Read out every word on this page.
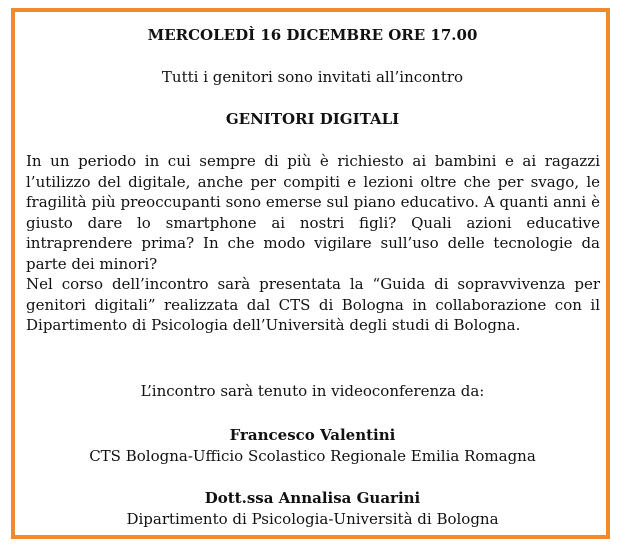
MERCOLEDÌ 16 DICEMBRE ORE 17.00
Tutti i genitori sono invitati all’incontro
GENITORI DIGITALI

In un periodo in cui sempre di più è richiesto ai bambini e ai ragazzi l’utilizzo del digitale, anche per compiti e lezioni oltre che per svago, le fragilità più preoccupanti sono emerse sul piano educativo. A quanti anni è giusto dare lo smartphone ai nostri figli? Quali azioni educative intraprendere prima? In che modo vigilare sull’uso delle tecnologie da parte dei minori?

Nel corso dell’incontro sarà presentata la “Guida di sopravvivenza per genitori digitali” realizzata dal CTS di Bologna in collaborazione con il Dipartimento di Psicologia dell’Università degli studi di Bologna.

L’incontro sarà tenuto in videoconferenza da:
Francesco Valentini
CTS Bologna-Ufficio Scolastico Regionale Emilia Romagna
Dott.ssa Annalisa Guarini
Dipartimento di Psicologia-Università di Bologna
